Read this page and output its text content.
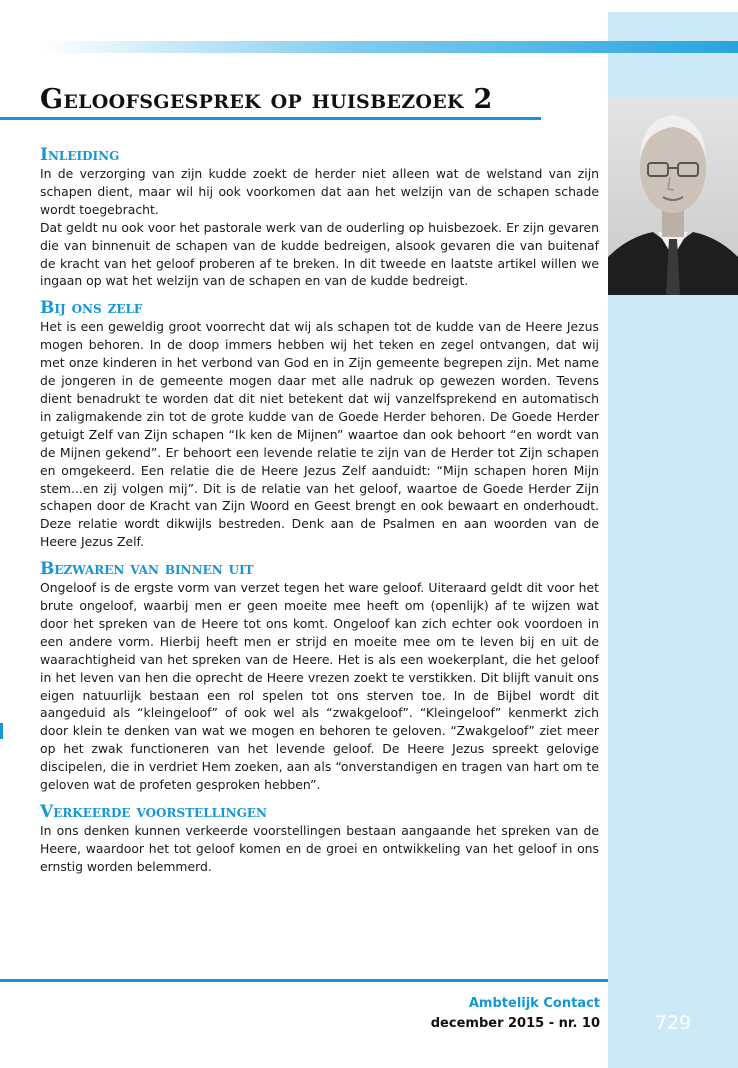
Geloofsgesprek op huisbezoek 2
Inleiding

In de verzorging van zijn kudde zoekt de herder niet alleen wat de welstand van zijn schapen dient, maar wil hij ook voorkomen dat aan het welzijn van de schapen schade wordt toegebracht.

Dat geldt nu ook voor het pastorale werk van de ouderling op huisbezoek. Er zijn gevaren die van binnenuit de schapen van de kudde bedreigen, alsook gevaren die van buitenaf de kracht van het geloof proberen af te breken. In dit tweede en laatste artikel willen we ingaan op wat het welzijn van de schapen en van de kudde bedreigt.

Bij ons zelf

Het is een geweldig groot voorrecht dat wij als schapen tot de kudde van de Heere Jezus mogen behoren. In de doop immers hebben wij het teken en zegel ontvangen, dat wij met onze kinderen in het verbond van God en in Zijn gemeente begrepen zijn. Met name de jongeren in de gemeente mogen daar met alle nadruk op gewezen worden. Tevens dient benadrukt te worden dat dit niet betekent dat wij vanzelfsprekend en automatisch in zaligmakende zin tot de grote kudde van de Goede Herder behoren. De Goede Herder getuigt Zelf van Zijn schapen “Ik ken de Mijnen” waartoe dan ook behoort “en wordt van de Mijnen gekend”. Er behoort een levende relatie te zijn van de Herder tot Zijn schapen en omgekeerd. Een relatie die de Heere Jezus Zelf aanduidt: “Mijn schapen horen Mijn stem...en zij volgen mij”. Dit is de relatie van het geloof, waartoe de Goede Herder Zijn schapen door de Kracht van Zijn Woord en Geest brengt en ook bewaart en onderhoudt. Deze relatie wordt dikwijls bestreden. Denk aan de Psalmen en aan woorden van de Heere Jezus Zelf.

Bezwaren van binnen uit

Ongeloof is de ergste vorm van verzet tegen het ware geloof. Uiteraard geldt dit voor het brute ongeloof, waarbij men er geen moeite mee heeft om (openlijk) af te wijzen wat door het spreken van de Heere tot ons komt. Ongeloof kan zich echter ook voordoen in een andere vorm. Hierbij heeft men er strijd en moeite mee om te leven bij en uit de waarachtigheid van het spreken van de Heere. Het is als een woekerplant, die het geloof in het leven van hen die oprecht de Heere vrezen zoekt te verstikken. Dit blijft vanuit ons eigen natuurlijk bestaan een rol spelen tot ons sterven toe. In de Bijbel wordt dit aangeduid als “kleingeloof” of ook wel als “zwakgeloof”. “Kleingeloof” kenmerkt zich door klein te denken van wat we mogen en behoren te geloven. “Zwakgeloof” ziet meer op het zwak functioneren van het levende geloof. De Heere Jezus spreekt gelovige discipelen, die in verdriet Hem zoeken, aan als “onverstandigen en tragen van hart om te geloven wat de profeten gesproken hebben”.

Verkeerde voorstellingen

In ons denken kunnen verkeerde voorstellingen bestaan aangaande het spreken van de Heere, waardoor het tot geloof komen en de groei en ontwikkeling van het geloof in ons ernstig worden belemmerd.

Ambtelijk Contact
december 2015 - nr. 10	729
